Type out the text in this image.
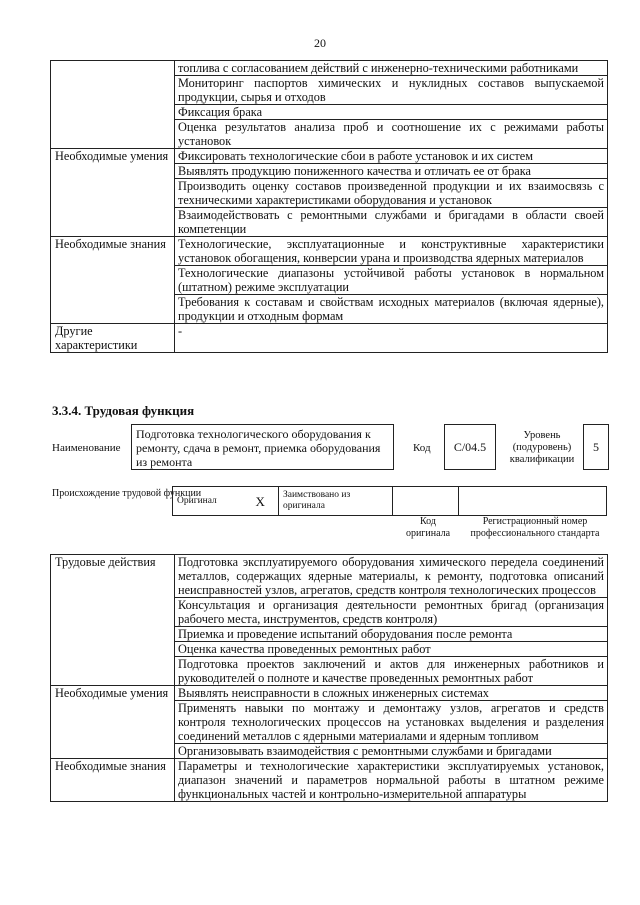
20
	топлива с согласованием действий с инженерно-техническими работниками
	Мониторинг паспортов химических и нуклидных составов выпускаемой продукции, сырья и отходов
	Фиксация брака
	Оценка результатов анализа проб и соотношение их с режимами работы установок
Необходимые умения	Фиксировать технологические сбои в работе установок и их систем
	Выявлять продукцию пониженного качества и отличать ее от брака
	Производить оценку составов произведенной продукции и их взаимосвязь с техническими характеристиками оборудования и установок
	Взаимодействовать с ремонтными службами и бригадами в области своей компетенции
Необходимые знания	Технологические, эксплуатационные и конструктивные характеристики установок обогащения, конверсии урана и производства ядерных материалов
	Технологические диапазоны устойчивой работы установок в нормальном (штатном) режиме эксплуатации
	Требования к составам и свойствам исходных материалов (включая ядерные), продукции и отходным формам
Другие характеристики	-
3.3.4. Трудовая функция
Наименование
Подготовка технологического оборудования к ремонту, сдача в ремонт, приемка оборудования из ремонта
Код	C/04.5
Уровень (подуровень) квалификации
5
Происхождение трудовой функции
Оригинал	X	Заимствовано из оригинала		
Код оригинала
Регистрационный номер профессионального стандарта
Трудовые действия	Подготовка эксплуатируемого оборудования химического передела соединений металлов, содержащих ядерные материалы, к ремонту, подготовка описаний неисправностей узлов, агрегатов, средств контроля технологических процессов
	Консультация и организация деятельности ремонтных бригад (организация рабочего места, инструментов, средств контроля)
	Приемка и проведение испытаний оборудования после ремонта
	Оценка качества проведенных ремонтных работ
	Подготовка проектов заключений и актов для инженерных работников и руководителей о полноте и качестве проведенных ремонтных работ
Необходимые умения	Выявлять неисправности в сложных инженерных системах
	Применять навыки по монтажу и демонтажу узлов, агрегатов и средств контроля технологических процессов на установках выделения и разделения соединений металлов с ядерными материалами и ядерным топливом
	Организовывать взаимодействия с ремонтными службами и бригадами
Необходимые знания	Параметры и технологические характеристики эксплуатируемых установок, диапазон значений и параметров нормальной работы в штатном режиме функциональных частей и контрольно-измерительной аппаратуры
